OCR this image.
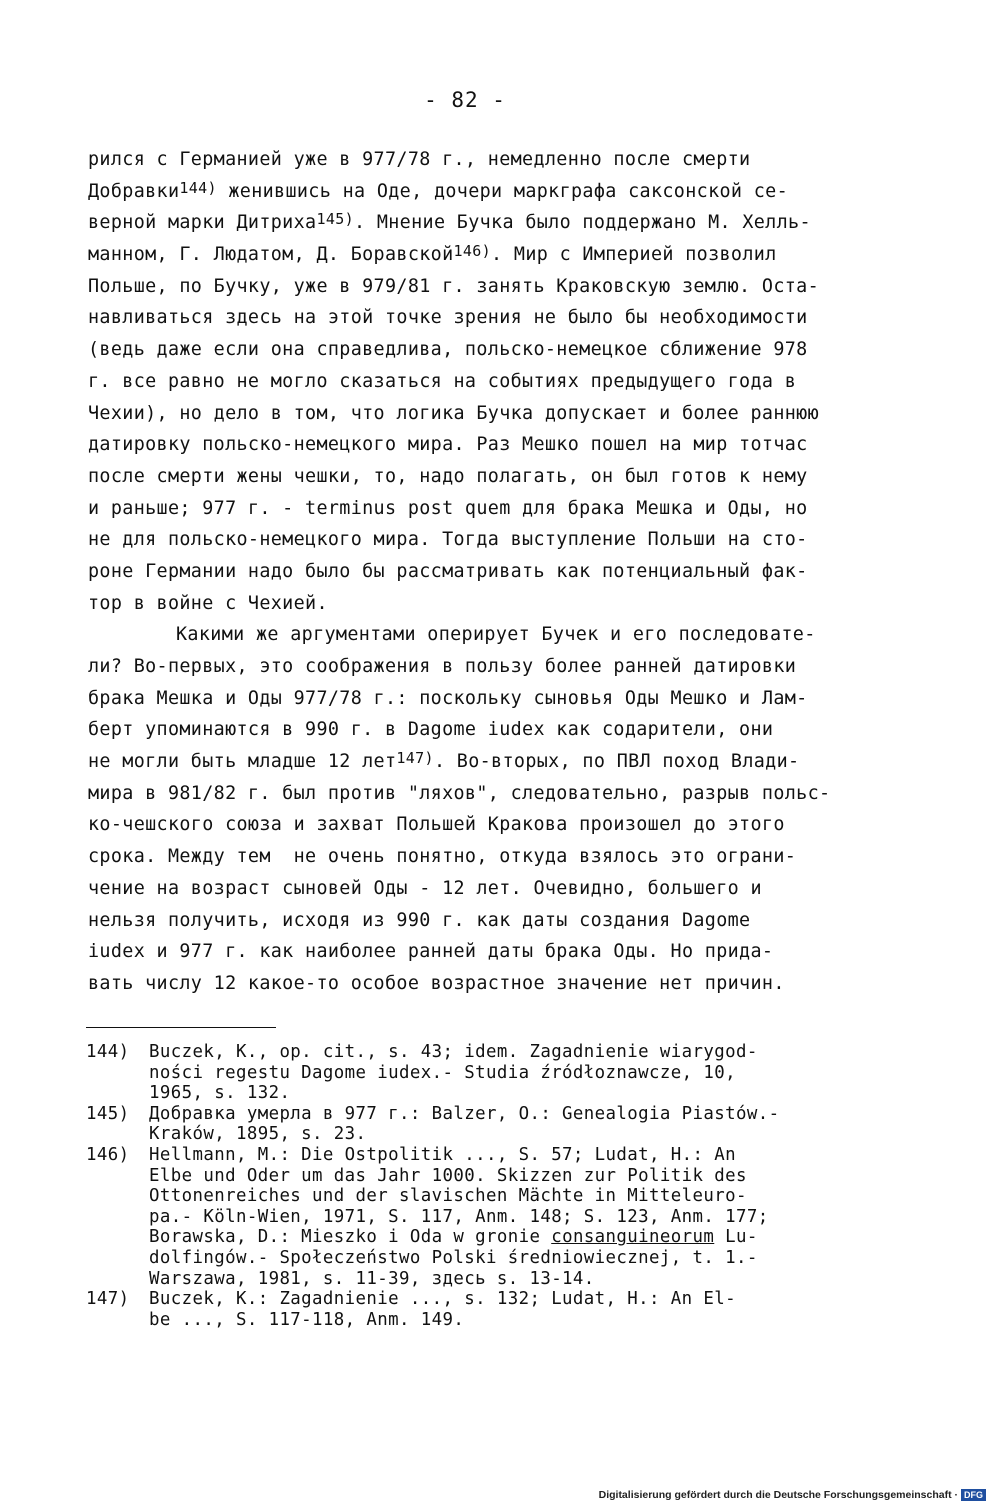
- 82 -
рился с Германией уже в 977/78 г., немедленно после смерти
Добравки$^{144)}$ женившись на Оде, дочери маркграфа саксонской се-
верной марки Дитриха$^{145)}$. Мнение Бучка было поддержано М. Хелль-
манном, Г. Людатом, Д. Боравской$^{146)}$. Мир с Империей позволил
Польше, по Бучку, уже в 979/81 г. занять Краковскую землю. Оста-
навливаться здесь на этой точке зрения не было бы необходимости
(ведь даже если она справедлива, польско-немецкое сближение 978
г. все равно не могло сказаться на событиях предыдущего года в
Чехии), но дело в том, что логика Бучка допускает и более раннюю
датировку польско-немецкого мира. Раз Мешко пошел на мир тотчас
после смерти жены чешки, то, надо полагать, он был готов к нему
и раньше; 977 г. - terminus post quem для брака Мешка и Оды, но
не для польско-немецкого мира. Тогда выступление Польши на сто-
роне Германии надо было бы рассматривать как потенциальный фак-
тор в войне с Чехией.
Какими же аргументами оперирует Бучек и его последовате-
ли? Во-первых, это соображения в пользу более ранней датировки
брака Мешка и Оды 977/78 г.: поскольку сыновья Оды Мешко и Лам-
берт упоминаются в 990 г. в Dagome iudex как содарители, они
не могли быть младше 12 лет$^{147)}$. Во-вторых, по ПВЛ поход Влади-
мира в 981/82 г. был против "ляхов", следовательно, разрыв польс-
ко-чешского союза и захват Польшей Кракова произошел до этого
срока. Между тем  не очень понятно, откуда взялось это ограни-
чение на возраст сыновей Оды - 12 лет. Очевидно, большего и
нельзя получить, исходя из 990 г. как даты создания Dagome
iudex и 977 г. как наиболее ранней даты брака Оды. Но прида-
вать числу 12 какое-то особое возрастное значение нет причин.
144)	Buczek, K., op. cit., s. 43; idem. Zagadnienie wiarygod-
ności regestu Dagome iudex.- Studia źródłoznawcze, 10,
1965, s. 132.
145)	Добравка умерла в 977 г.: Balzer, O.: Genealogia Piastów.-
Kraków, 1895, s. 23.
146)	Hellmann, M.: Die Ostpolitik ..., S. 57; Ludat, H.: An
Elbe und Oder um das Jahr 1000. Skizzen zur Politik des
Ottonenreiches und der slavischen Mächte in Mitteleuro-
pa.- Köln-Wien, 1971, S. 117, Anm. 148; S. 123, Anm. 177;
Borawska, D.: Mieszko i Oda w gronie consanguineorum Lu-
dolfingów.- Społeczeństwo Polski średniowiecznej, t. 1.-
Warszawa, 1981, s. 11-39, здесь s. 13-14.
147)	Buczek, K.: Zagadnienie ..., s. 132; Ludat, H.: An El-
be ..., S. 117-118, Anm. 149.
Digitalisierung gefördert durch die Deutsche Forschungsgemeinschaft · DFG
